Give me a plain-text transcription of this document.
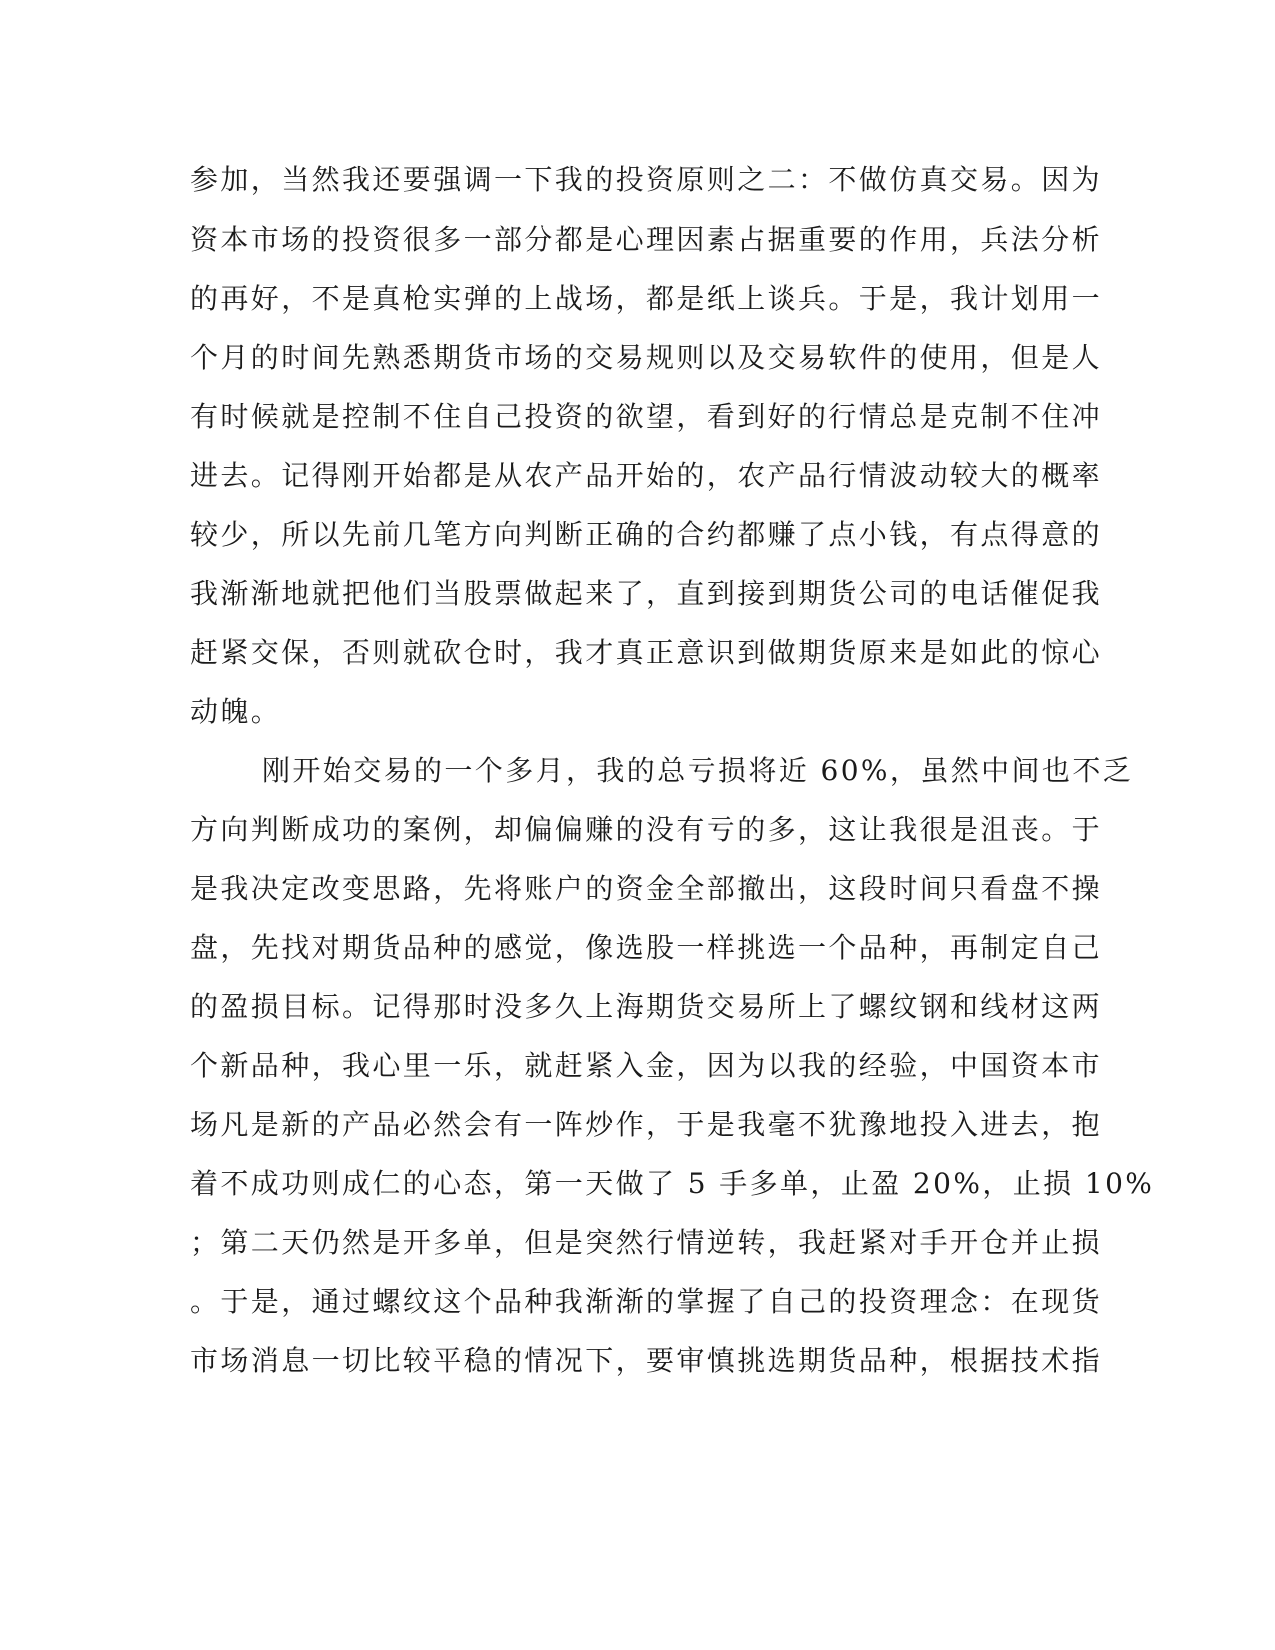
参加，当然我还要强调一下我的投资原则之二：不做仿真交易。因为
资本市场的投资很多一部分都是心理因素占据重要的作用，兵法分析
的再好，不是真枪实弹的上战场，都是纸上谈兵。于是，我计划用一
个月的时间先熟悉期货市场的交易规则以及交易软件的使用，但是人
有时候就是控制不住自己投资的欲望，看到好的行情总是克制不住冲
进去。记得刚开始都是从农产品开始的，农产品行情波动较大的概率
较少，所以先前几笔方向判断正确的合约都赚了点小钱，有点得意的
我渐渐地就把他们当股票做起来了，直到接到期货公司的电话催促我
赶紧交保，否则就砍仓时，我才真正意识到做期货原来是如此的惊心
动魄。
刚开始交易的一个多月，我的总亏损将近 60%，虽然中间也不乏
方向判断成功的案例，却偏偏赚的没有亏的多，这让我很是沮丧。于
是我决定改变思路，先将账户的资金全部撤出，这段时间只看盘不操
盘，先找对期货品种的感觉，像选股一样挑选一个品种，再制定自己
的盈损目标。记得那时没多久上海期货交易所上了螺纹钢和线材这两
个新品种，我心里一乐，就赶紧入金，因为以我的经验，中国资本市
场凡是新的产品必然会有一阵炒作，于是我毫不犹豫地投入进去，抱
着不成功则成仁的心态，第一天做了 5 手多单，止盈 20%，止损 10%
；第二天仍然是开多单，但是突然行情逆转，我赶紧对手开仓并止损
。于是，通过螺纹这个品种我渐渐的掌握了自己的投资理念：在现货
市场消息一切比较平稳的情况下，要审慎挑选期货品种，根据技术指
